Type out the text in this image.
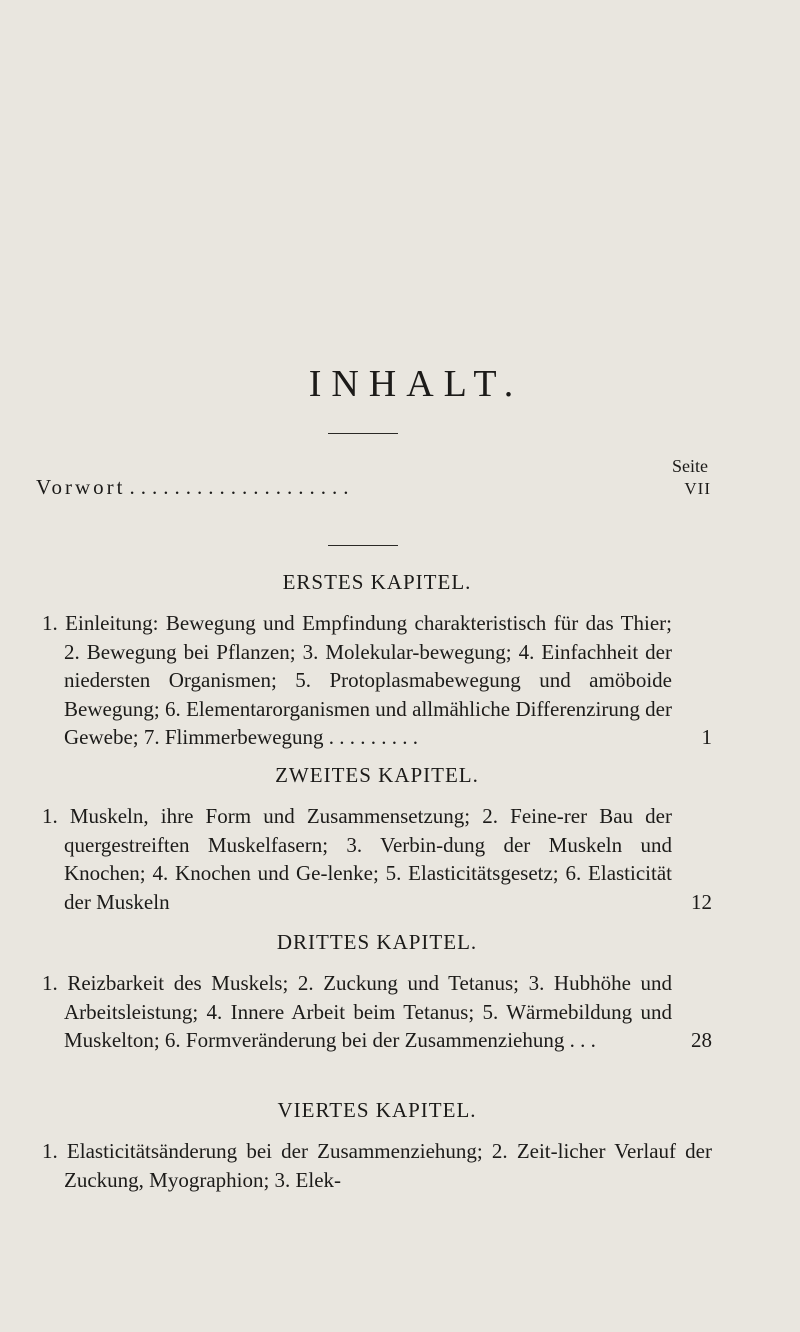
INHALT.
Seite
Vorwort ....................	VII
ERSTES KAPITEL.
1. Einleitung: Bewegung und Empfindung charakteristisch für das Thier; 2. Bewegung bei Pflanzen; 3. Molekular-bewegung; 4. Einfachheit der niedersten Organismen; 5. Protoplasmabewegung und amöboide Bewegung; 6. Elementarorganismen und allmähliche Differenzirung der Gewebe; 7. Flimmerbewegung . . . . . . . . .	1
ZWEITES KAPITEL.
1. Muskeln, ihre Form und Zusammensetzung; 2. Feine-rer Bau der quergestreiften Muskelfasern; 3. Verbin-dung der Muskeln und Knochen; 4. Knochen und Ge-lenke; 5. Elasticitätsgesetz; 6. Elasticität der Muskeln	12
DRITTES KAPITEL.
1. Reizbarkeit des Muskels; 2. Zuckung und Tetanus; 3. Hubhöhe und Arbeitsleistung; 4. Innere Arbeit beim Tetanus; 5. Wärmebildung und Muskelton; 6. Formveränderung bei der Zusammenziehung . . .	28
VIERTES KAPITEL.
1. Elasticitätsänderung bei der Zusammenziehung; 2. Zeit-licher Verlauf der Zuckung, Myographion; 3. Elek-
